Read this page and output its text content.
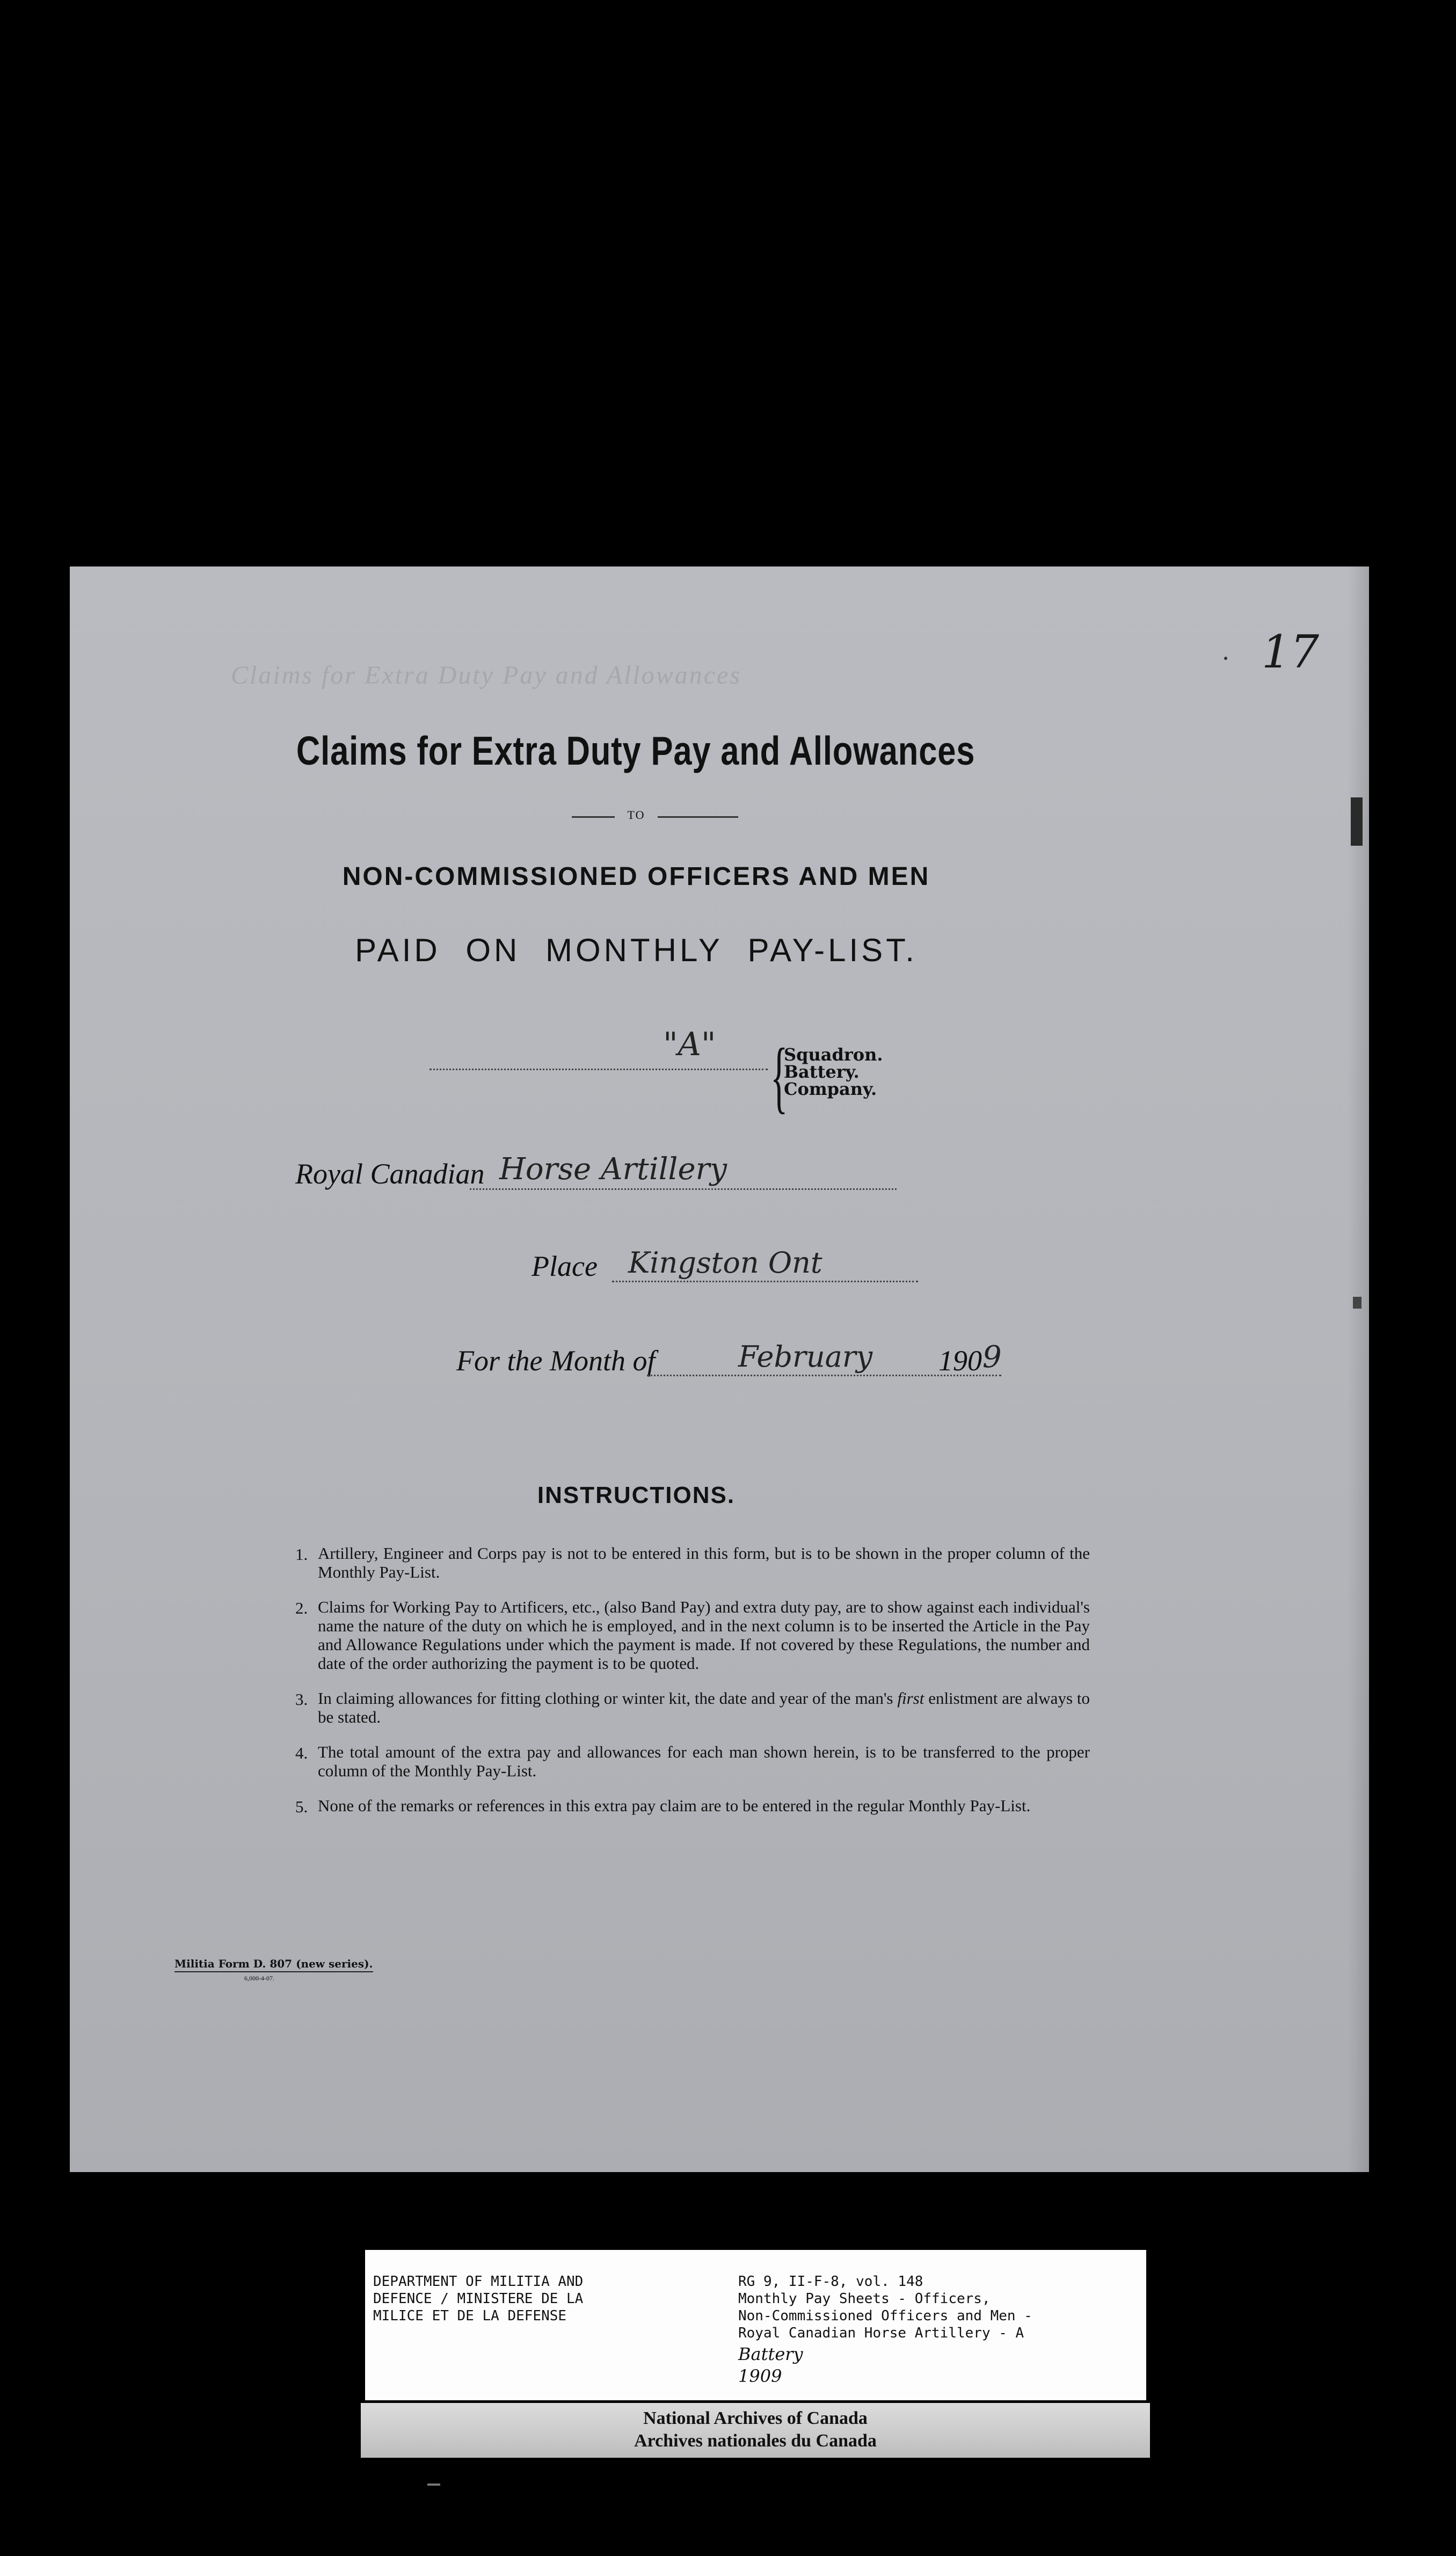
Claims for Extra Duty Pay and Allowances	17
Claims for Extra Duty Pay and Allowances
TO
NON-COMMISSIONED OFFICERS AND MEN
PAID ON MONTHLY PAY-LIST.
"A" {
Squadron.
Battery.
Company.
Royal Canadian Horse Artillery
Place Kingston Ont
For the Month of	February 190 9
INSTRUCTIONS.
1. Artillery, Engineer and Corps pay is not to be entered in this form, but is to be shown in the proper column of the Monthly Pay-List.
2. Claims for Working Pay to Artificers, etc., (also Band Pay) and extra duty pay, are to show against each individual's name the nature of the duty on which he is employed, and in the next column is to be inserted the Article in the Pay and Allowance Regulations under which the payment is made. If not covered by these Regulations, the number and date of the order authorizing the payment is to be quoted.
3. In claiming allowances for fitting clothing or winter kit, the date and year of the man's first enlistment are always to be stated.
4. The total amount of the extra pay and allowances for each man shown herein, is to be transferred to the proper column of the Monthly Pay-List.
5. None of the remarks or references in this extra pay claim are to be entered in the regular Monthly Pay-List.
Militia Form D. 807 (new series).
6,000-4-07.
DEPARTMENT OF MILITIA AND
DEFENCE / MINISTERE DE LA
MILICE ET DE LA DEFENSE
RG 9, II-F-8, vol. 148
Monthly Pay Sheets - Officers,
Non-Commissioned Officers and Men -
Royal Canadian Horse Artillery - A
Battery
1909
National Archives of Canada
Archives nationales du Canada
